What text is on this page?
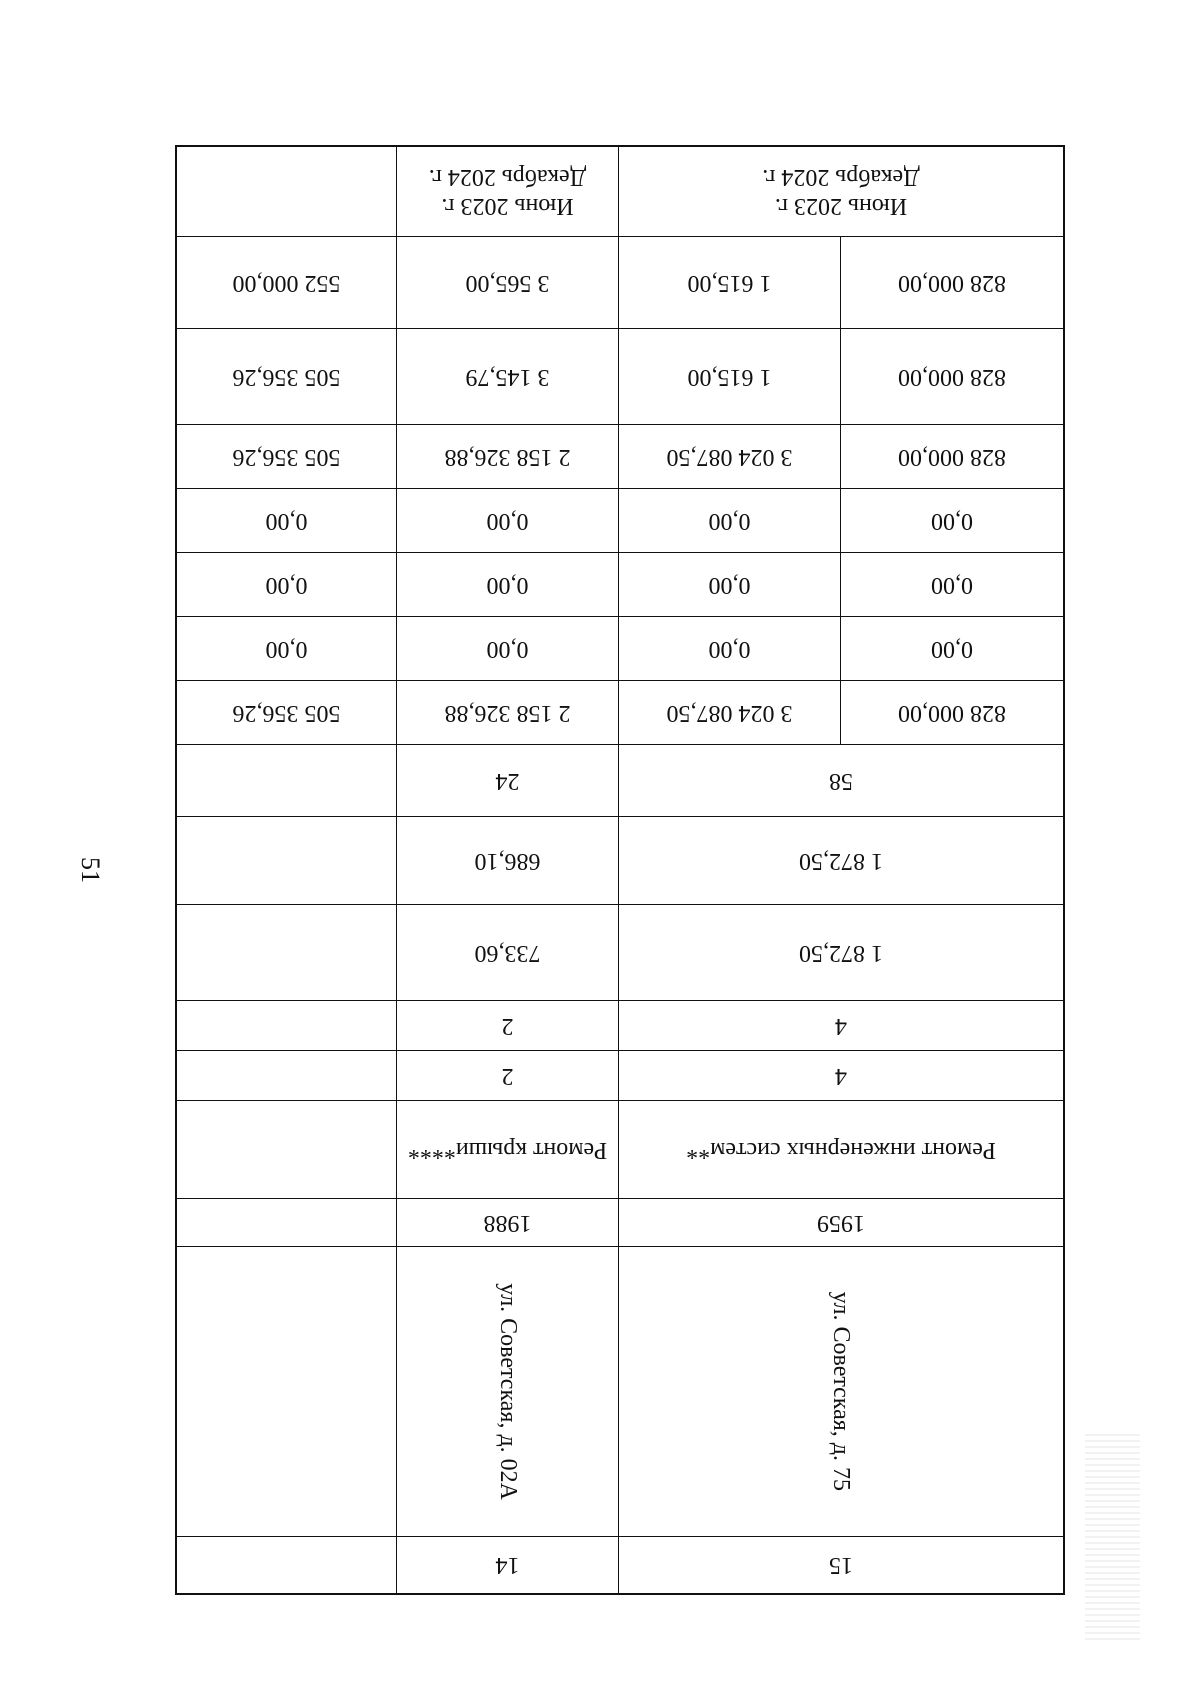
51
15
14
ул. Советская, д. 75
ул. Советская, д. 02А
1959
1988
Ремонт инженерных систем**
Ремонт крыши****
4
2
4
2
1 872,50
733,60
1 872,50
686,10
58
24
828 000,00
3 024 087,50
2 158 326,88
505 356,26
0,00
0,00
0,00
0,00
0,00
0,00
0,00
0,00
0,00
0,00
0,00
0,00
828 000,00
3 024 087,50
2 158 326,88
505 356,26
828 000,00
1 615,00
3 145,79
505 356,26
828 000,00
1 615,00
3 565,00
552 000,00
Июнь 2023 г.
Декабрь 2024 г.
Июнь 2023 г.
Декабрь 2024 г.
